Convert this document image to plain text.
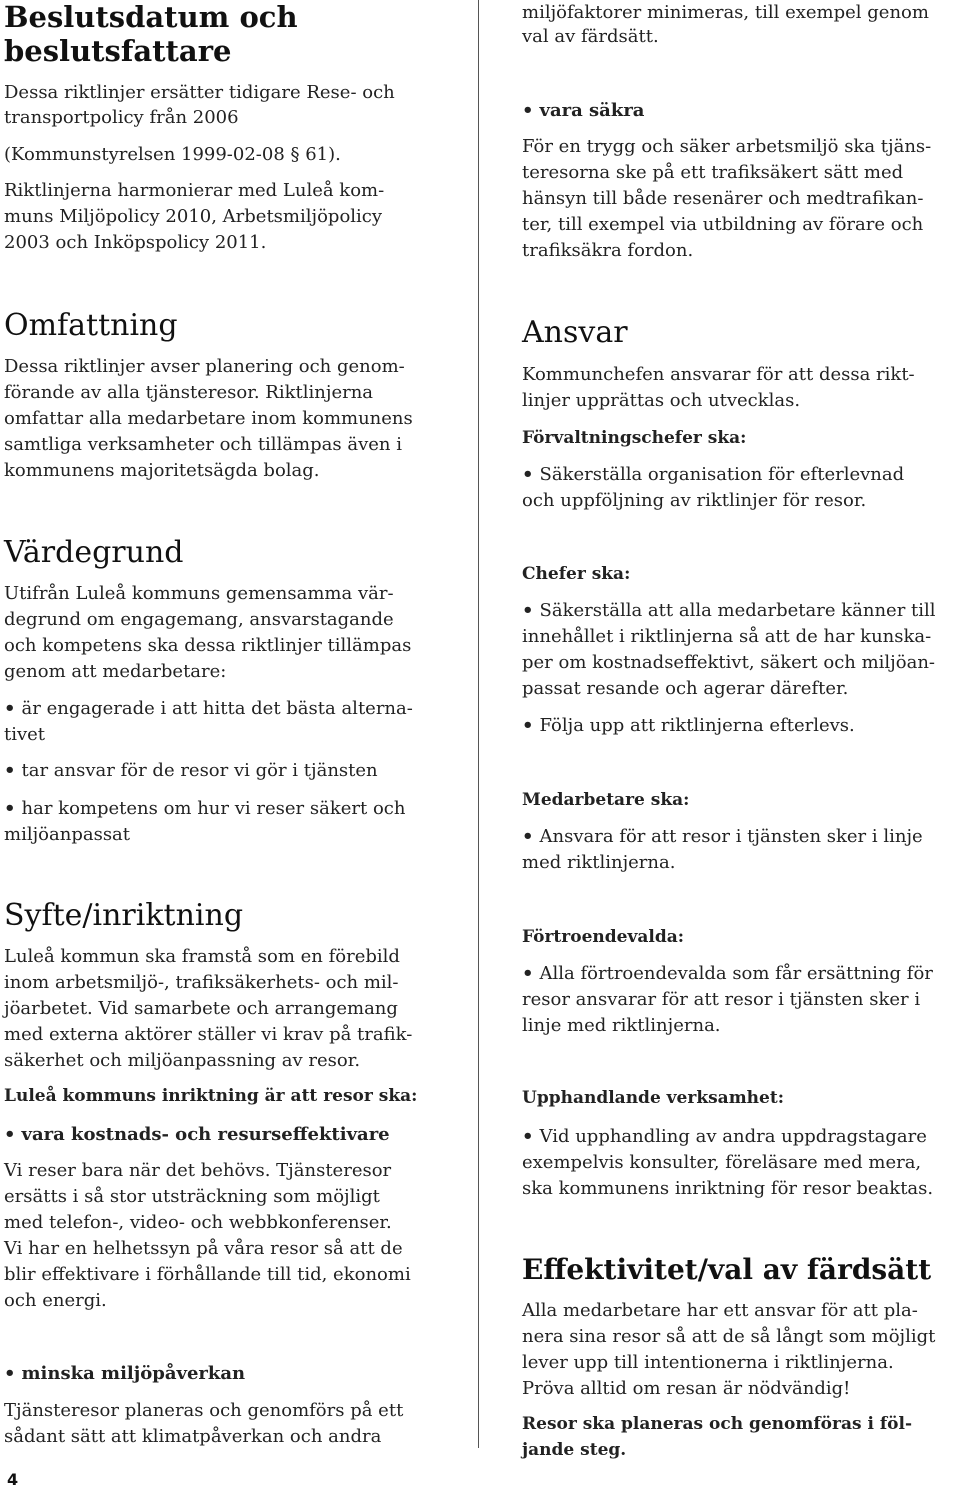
Beslutsdatum och
beslutsfattare
Dessa riktlinjer ersätter tidigare Rese- och
transportpolicy från 2006
(Kommunstyrelsen 1999-02-08 § 61).
Riktlinjerna harmonierar med Luleå kom-
muns Miljöpolicy 2010, Arbetsmiljöpolicy
2003 och Inköpspolicy 2011.
Omfattning
Dessa riktlinjer avser planering och genom-
förande av alla tjänsteresor. Riktlinjerna
omfattar alla medarbetare inom kommunens
samtliga verksamheter och tillämpas även i
kommunens majoritetsägda bolag.
Värdegrund
Utifrån Luleå kommuns gemensamma vär-
degrund om engagemang, ansvarstagande
och kompetens ska dessa riktlinjer tillämpas
genom att medarbetare:
• är engagerade i att hitta det bästa alterna-
tivet
• tar ansvar för de resor vi gör i tjänsten
• har kompetens om hur vi reser säkert och
miljöanpassat
Syfte/inriktning
Luleå kommun ska framstå som en förebild
inom arbetsmiljö-, trafiksäkerhets- och mil-
jöarbetet. Vid samarbete och arrangemang
med externa aktörer ställer vi krav på trafik-
säkerhet och miljöanpassning av resor.
Luleå kommuns inriktning är att resor ska:
• vara kostnads- och resurseffektivare
Vi reser bara när det behövs. Tjänsteresor
ersätts i så stor utsträckning som möjligt
med telefon-, video- och webbkonferenser.
Vi har en helhetssyn på våra resor så att de
blir effektivare i förhållande till tid, ekonomi
och energi.
• minska miljöpåverkan
Tjänsteresor planeras och genomförs på ett
sådant sätt att klimatpåverkan och andra
4
miljöfaktorer minimeras, till exempel genom
val av färdsätt.
• vara säkra
För en trygg och säker arbetsmiljö ska tjäns-
teresorna ske på ett trafiksäkert sätt med
hänsyn till både resenärer och medtrafikan-
ter, till exempel via utbildning av förare och
trafiksäkra fordon.
Ansvar
Kommunchefen ansvarar för att dessa rikt-
linjer upprättas och utvecklas.
Förvaltningschefer ska:
• Säkerställa organisation för efterlevnad
och uppföljning av riktlinjer för resor.
Chefer ska:
• Säkerställa att alla medarbetare känner till
innehållet i riktlinjerna så att de har kunska-
per om kostnadseffektivt, säkert och miljöan-
passat resande och agerar därefter.
• Följa upp att riktlinjerna efterlevs.
Medarbetare ska:
• Ansvara för att resor i tjänsten sker i linje
med riktlinjerna.
Förtroendevalda:
• Alla förtroendevalda som får ersättning för
resor ansvarar för att resor i tjänsten sker i
linje med riktlinjerna.
Upphandlande verksamhet:
• Vid upphandling av andra uppdragstagare
exempelvis konsulter, föreläsare med mera,
ska kommunens inriktning för resor beaktas.
Effektivitet/val av färdsätt
Alla medarbetare har ett ansvar för att pla-
nera sina resor så att de så långt som möjligt
lever upp till intentionerna i riktlinjerna.
Pröva alltid om resan är nödvändig!
Resor ska planeras och genomföras i föl-
jande steg.
